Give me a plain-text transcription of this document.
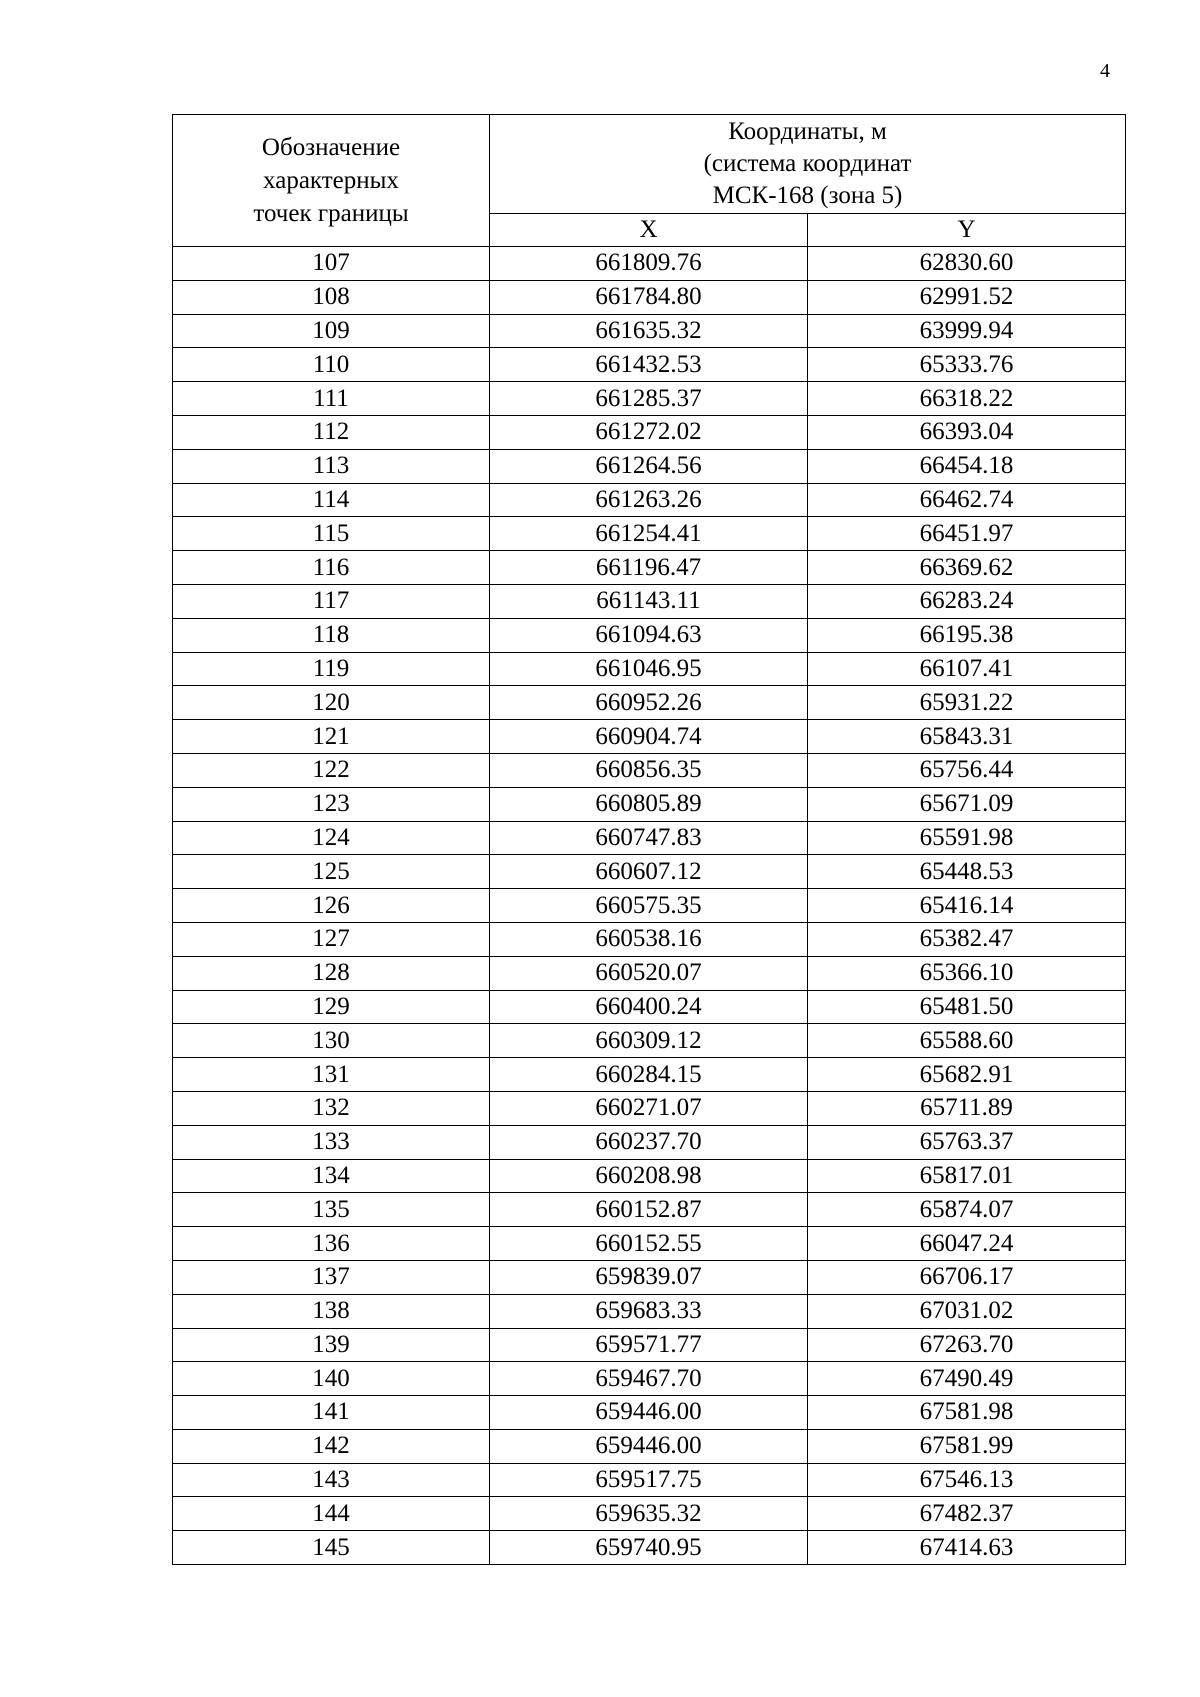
4
Обозначение
характерных
точек границы	Координаты, м
(система координат
МСК-168 (зона 5)	

	X	Y
107	661809.76	62830.60
108	661784.80	62991.52
109	661635.32	63999.94
110	661432.53	65333.76
111	661285.37	66318.22
112	661272.02	66393.04
113	661264.56	66454.18
114	661263.26	66462.74
115	661254.41	66451.97
116	661196.47	66369.62
117	661143.11	66283.24
118	661094.63	66195.38
119	661046.95	66107.41
120	660952.26	65931.22
121	660904.74	65843.31
122	660856.35	65756.44
123	660805.89	65671.09
124	660747.83	65591.98
125	660607.12	65448.53
126	660575.35	65416.14
127	660538.16	65382.47
128	660520.07	65366.10
129	660400.24	65481.50
130	660309.12	65588.60
131	660284.15	65682.91
132	660271.07	65711.89
133	660237.70	65763.37
134	660208.98	65817.01
135	660152.87	65874.07
136	660152.55	66047.24
137	659839.07	66706.17
138	659683.33	67031.02
139	659571.77	67263.70
140	659467.70	67490.49
141	659446.00	67581.98
142	659446.00	67581.99
143	659517.75	67546.13
144	659635.32	67482.37
145	659740.95	67414.63
